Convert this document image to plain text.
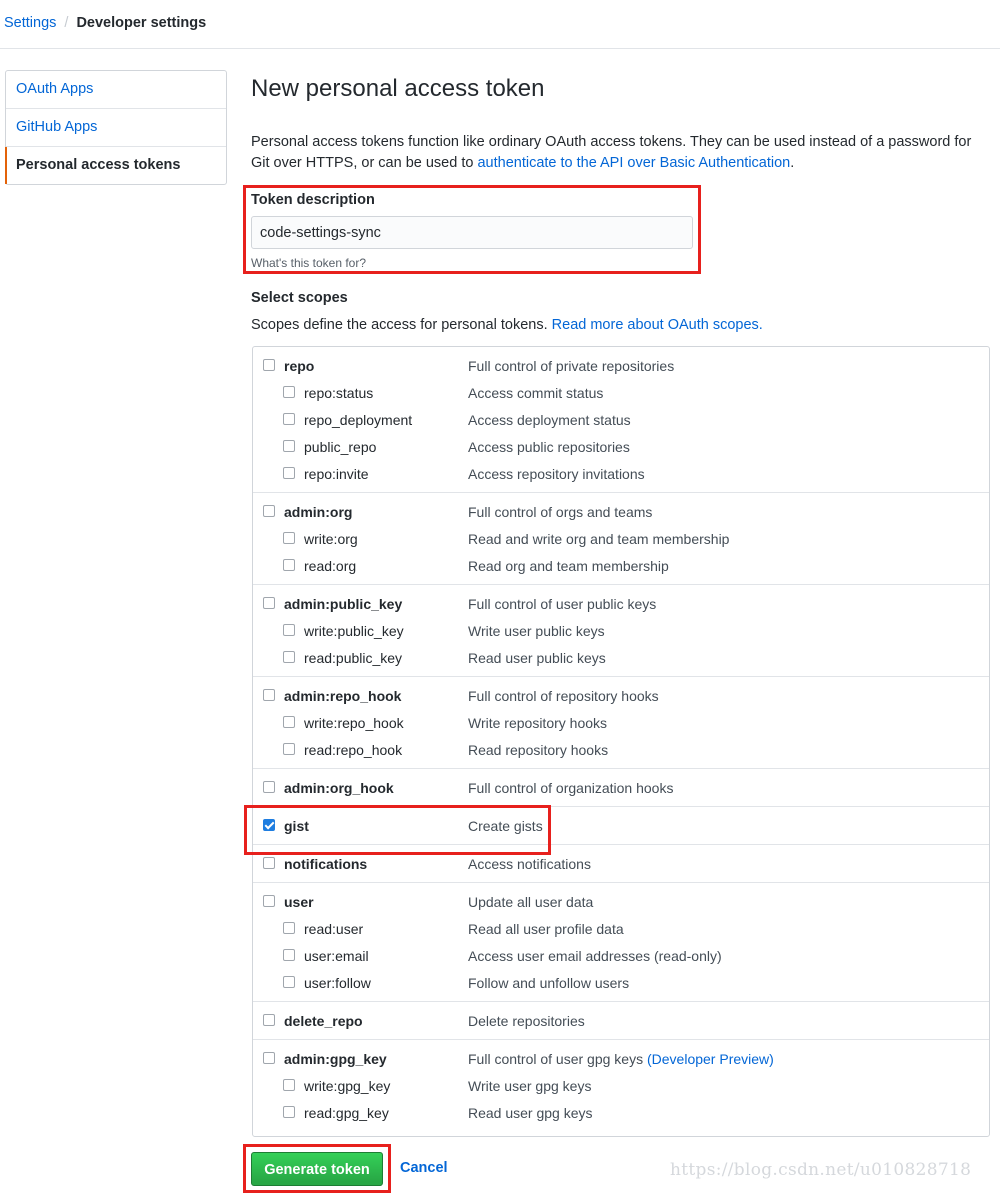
Settings / Developer settings
OAuth Apps
GitHub Apps
Personal access tokens
New personal access token

Personal access tokens function like ordinary OAuth access tokens. They can be used instead of a password for Git over HTTPS, or can be used to authenticate to the API over Basic Authentication.

Token description
code-settings-sync
What's this token for?
Select scopes
Scopes define the access for personal tokens. Read more about OAuth scopes.
repo	Full control of private repositories
repo:status	Access commit status
repo_deployment	Access deployment status
public_repo	Access public repositories
repo:invite	Access repository invitations
admin:org	Full control of orgs and teams
write:org	Read and write org and team membership
read:org	Read org and team membership
admin:public_key	Full control of user public keys
write:public_key	Write user public keys
read:public_key	Read user public keys
admin:repo_hook	Full control of repository hooks
write:repo_hook	Write repository hooks
read:repo_hook	Read repository hooks
admin:org_hook	Full control of organization hooks
gist	Create gists
notifications	Access notifications
user	Update all user data
read:user	Read all user profile data
user:email	Access user email addresses (read-only)
user:follow	Follow and unfollow users
delete_repo	Delete repositories
admin:gpg_key	Full control of user gpg keys (Developer Preview)
write:gpg_key	Write user gpg keys
read:gpg_key	Read user gpg keys
Generate token	Cancel	https://blog.csdn.net/u010828718
